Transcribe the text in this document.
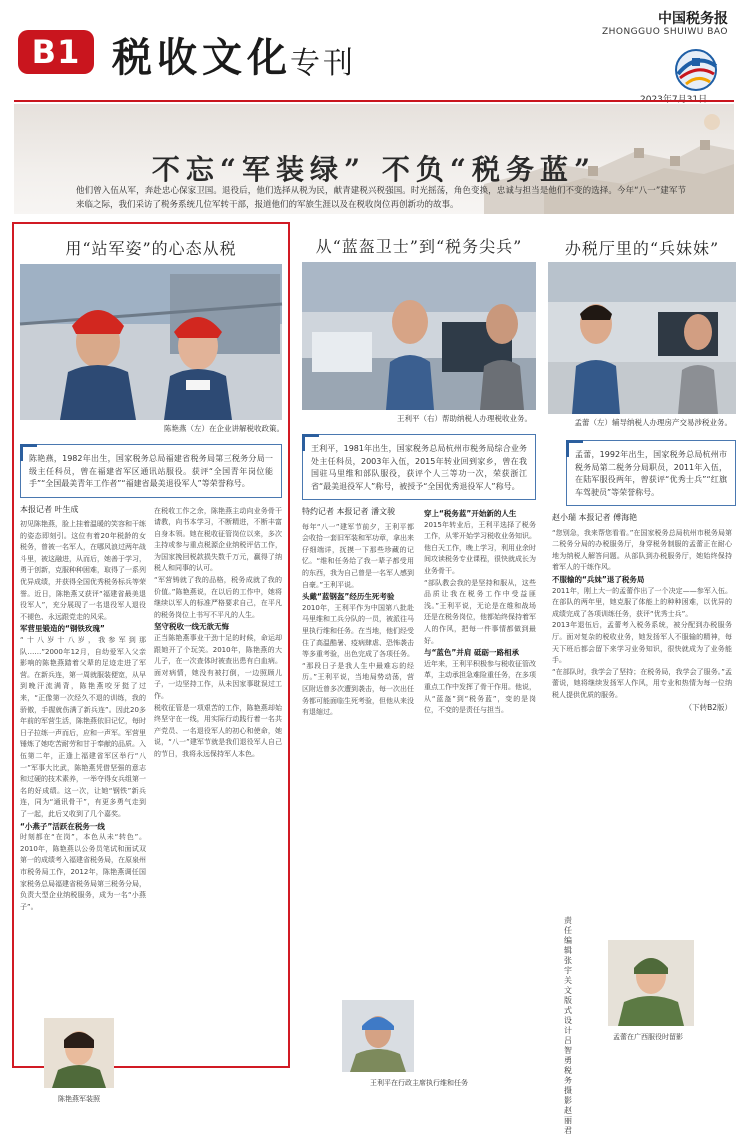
B1 税收文化
专刊
中国税务报
ZHONGGUO SHUIWU BAO
不忘“军装绿” 不负“税务蓝”
他们曾入伍从军，奔赴忠心保家卫国。退役后，他们选择从税为民，献青建税兴税强国。时光摇荡，角色变换，忠诚与担当是他们不变的选择。今年“八一”建军节来临之际，我们采访了税务系统几位军转干部，报道他们的军旅生涯以及在税收岗位再创新功的故事。
用“站军姿”的心态从税
陈艳燕（左）在企业讲解税收政策。
陈艳燕，1982年出生，国家税务总局福建省税务局第三税务分局一级主任科员，曾在福建省军区通讯站服役。获评“全国青年岗位能手”“全国最美青年工作者”“福建省最美退役军人”等荣誉称号。
本报记者 叶生成

初见陈艳燕，脸上挂着温暖的笑容和干练的姿态即刻引。这位有着20年税龄的女税务，曾被一名军人，在哪风浪过两年战斗里，被这融进，从而后，她善于学习，勇于创新，克服种种困难，取得了一系列优异成绩，并获得全国优秀税务标兵等荣誉。近日，陈艳燕又获评“福建省最美退役军人”，充分展现了一名退役军人退役不褪色、永远跟党走的风采。

军营里锻造的“钢铁玫瑰”

“十八岁十八岁，我参军到那队……”2000年12月，自幼爱军入父亲影响的陈艳燕踏着父辈的足迹走进了军营。在新兵连，第一周就服装便宽，从早到晚汗流满背，陈艳燕咬牙挺了过来，“正像第一次经久不退的训练，我的骄傲，手握就伤满了新兵连”。因此20多年前的军营生活，陈艳燕依旧记忆，每时日子拉练一声而后，应和一声军。军营里锤炼了她吃苦耐劳和甘于奉献的品质。入伍第二年，正逢上福建省军区举行“八一”军事大比武，陈艳燕凭借坚强的意志和过硬的技术素养，一举夺得女兵组第一名的好成绩。这一次，让她“钢铁”新兵连，同为“通讯骨干”，有更多勇气走到了一起，此后又收到了几个嘉奖。

“小燕子”活跃在税务一线

时刻都在“在岗”，本色从未“转色”。2010年，陈艳燕以公务员笔试和面试双第一的成绩考入福建省税务局，在原泉州市税务局工作，2012年，陈艳燕调任国家税务总局福建省税务局第三税务分局，负责大型企业纳税服务，成为一名“小燕子”。

在税收工作之余，陈艳燕主动向业务骨干请教，向书本学习，不断精进，不断丰富自身本领。她在税收征管岗位以来，多次主持或参与重点税源企业纳税评估工作，为国家挽回税款损失数千万元，赢得了纳税人和同事的认可。

“军营铸就了我的品格，税务成就了我的价值。”陈艳燕说，在以后的工作中，她将继续以军人的标准严格要求自己，在平凡的税务岗位上书写不平凡的人生。

坚守税收一线无欲无悔

正当陈艳燕事业干劲十足的时候，命运却跟她开了个玩笑。2010年，陈艳燕的大儿子，在一次查体时被查出患有白血病。面对病情，她没有被打倒，一边照顾儿子，一边坚持工作，从未因家事耽误过工作。

税收征管是一项艰苦的工作，陈艳燕却始终坚守在一线，用实际行动践行着一名共产党员、一名退役军人的初心和使命，她说，“八一”建军节就是我们退役军人自己的节日，我将永远保持军人本色。

陈艳燕军装照
从“蓝盔卫士”到“税务尖兵”
王利平（右）帮助纳税人办理税收业务。
王利平，1981年出生，国家税务总局杭州市税务局综合业务处主任科员，2003年入伍，2015年转业回到家乡，曾在我国驻马里维和部队服役，获评个人三等功一次，荣获浙江省“最美退役军人”称号，被授予“全国优秀退役军人”称号。
特约记者 本报记者 潘文骏

每年“八一”建军节前夕，王利平都会收拾一套旧军装和军功章，拿出来仔细端详，抚摸一下那些珍藏的记忆。“维和任务给了我一辈子都受用的东西，我为自己曾是一名军人感到自豪。”王利平说。

头戴“蓝钢盔”经历生死考验

2010年，王利平作为中国第八批赴马里维和工兵分队的一员，被派往马里执行维和任务。在当地，他们经受住了高温酷暑、疫病肆虐、恐怖袭击等多重考验，出色完成了各项任务。

“那段日子是我人生中最难忘的经历。”王利平说，当地局势动荡，营区附近曾多次遭到袭击，每一次出任务都可能面临生死考验，但他从来没有退缩过。

穿上“税务蓝”开始新的人生

2015年转业后，王利平选择了税务工作，从零开始学习税收业务知识。他白天工作，晚上学习，利用业余时间攻读税务专业课程，很快就成长为业务骨干。

“部队教会我的是坚持和服从，这些品质让我在税务工作中受益匪浅。”王利平说，无论是在维和战场还是在税务岗位，他都始终保持着军人的作风，把每一件事情都做到最好。

与“蓝色”并肩 砥砺一路相承

近年来，王利平积极参与税收征管改革，主动承担急难险重任务，在多项重点工作中发挥了骨干作用。他说，从“蓝盔”到“税务蓝”，变的是岗位，不变的是责任与担当。

王利平在行政主席执行维和任务
办税厅里的“兵妹妹”
孟蕾（左）辅导纳税人办理房产交易涉税业务。
孟蕾，1992年出生，国家税务总局杭州市税务局第二税务分局职员，2011年入伍，在陆军服役两年，曾获评“优秀士兵”“红旗车驾驶员”等荣誉称号。
赵小瑞 本报记者 傅海艳

“您别急，我来帮您看看。”在国家税务总局杭州市税务局第二税务分局的办税服务厅，身穿税务制服的孟蕾正在耐心地为纳税人解答问题。从部队到办税服务厅，她始终保持着军人的干练作风。

不服输的“兵妹”退了税务局

2011年，刚上大一的孟蕾作出了一个决定——参军入伍。在部队的两年里，她克服了体能上的种种困难，以优异的成绩完成了各项训练任务，获评“优秀士兵”。

2013年退伍后，孟蕾考入税务系统，被分配到办税服务厅。面对复杂的税收业务，她发扬军人不服输的精神，每天下班后都会留下来学习业务知识，很快就成为了业务能手。

“在部队时，我学会了坚持；在税务局，我学会了服务。”孟蕾说，她将继续发扬军人作风，用专业和热情为每一位纳税人提供优质的服务。

（下转B2版）

孟蕾在广西服役时留影
责任编辑 张宇 关文 版式设计 吕智勇 税务摄影 赵丽君
